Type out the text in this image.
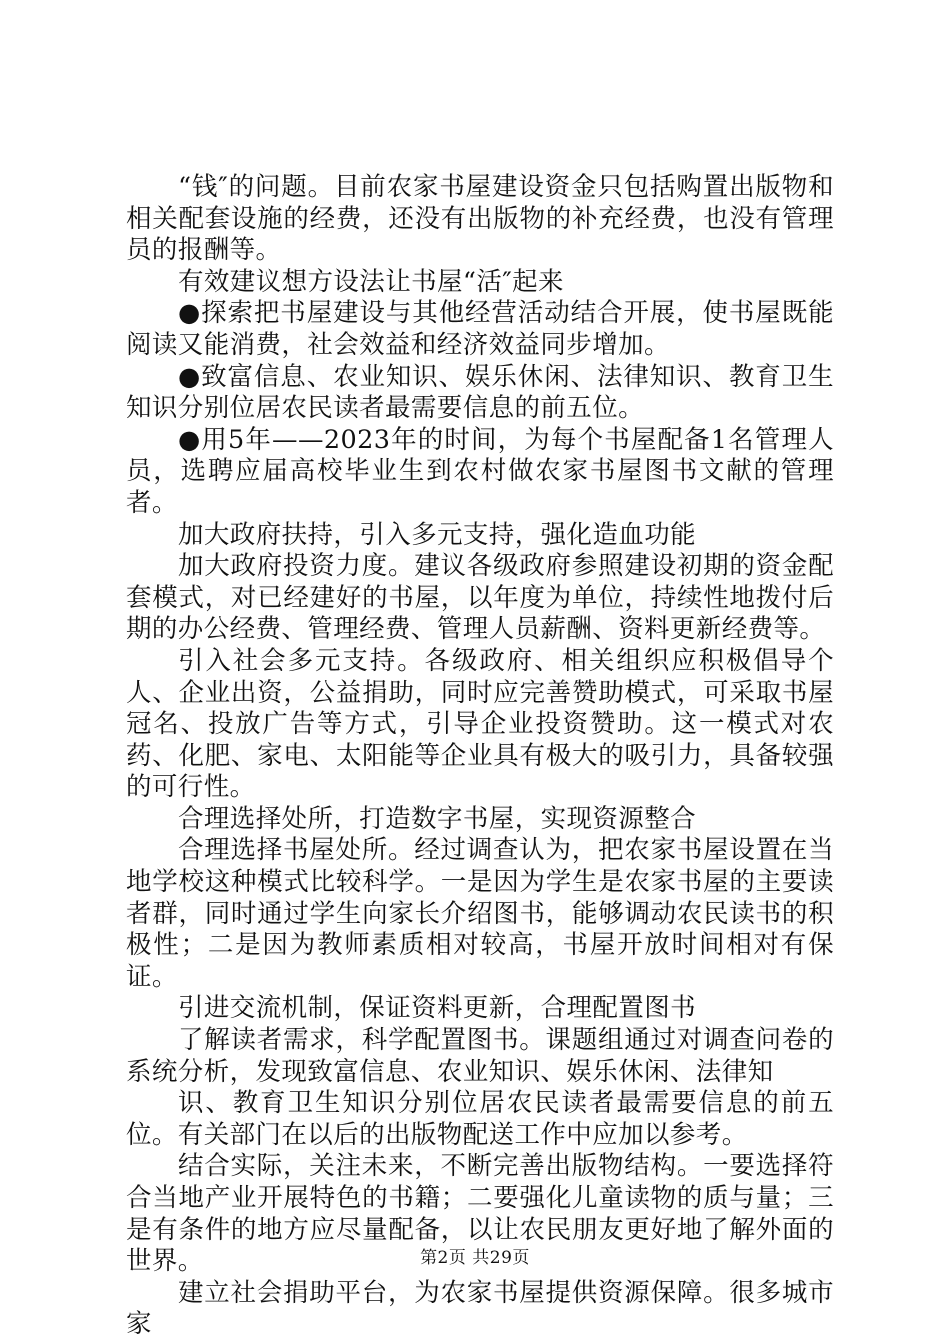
“钱″的问题。目前农家书屋建设资金只包括购置出版物和相关配套设施的经费，还没有出版物的补充经费，也没有管理员的报酬等。

有效建议想方设法让书屋“活″起来

●探索把书屋建设与其他经营活动结合开展，使书屋既能阅读又能消费，社会效益和经济效益同步增加。

●致富信息、农业知识、娱乐休闲、法律知识、教育卫生知识分别位居农民读者最需要信息的前五位。

●用5年——2023年的时间，为每个书屋配备1名管理人员，选聘应届高校毕业生到农村做农家书屋图书文献的管理者。

加大政府扶持，引入多元支持，强化造血功能

加大政府投资力度。建议各级政府参照建设初期的资金配套模式，对已经建好的书屋，以年度为单位，持续性地拨付后期的办公经费、管理经费、管理人员薪酬、资料更新经费等。

引入社会多元支持。各级政府、相关组织应积极倡导个人、企业出资，公益捐助，同时应完善赞助模式，可采取书屋冠名、投放广告等方式，引导企业投资赞助。这一模式对农药、化肥、家电、太阳能等企业具有极大的吸引力，具备较强的可行性。

合理选择处所，打造数字书屋，实现资源整合

合理选择书屋处所。经过调查认为，把农家书屋设置在当地学校这种模式比较科学。一是因为学生是农家书屋的主要读者群，同时通过学生向家长介绍图书，能够调动农民读书的积极性；二是因为教师素质相对较高，书屋开放时间相对有保证。

引进交流机制，保证资料更新，合理配置图书

了解读者需求，科学配置图书。课题组通过对调查问卷的系统分析，发现致富信息、农业知识、娱乐休闲、法律知

识、教育卫生知识分别位居农民读者最需要信息的前五位。有关部门在以后的出版物配送工作中应加以参考。

结合实际，关注未来，不断完善出版物结构。一要选择符合当地产业开展特色的书籍；二要强化儿童读物的质与量；三是有条件的地方应尽量配备，以让农民朋友更好地了解外面的世界。

建立社会捐助平台，为农家书屋提供资源保障。很多城市家

第2页 共29页
